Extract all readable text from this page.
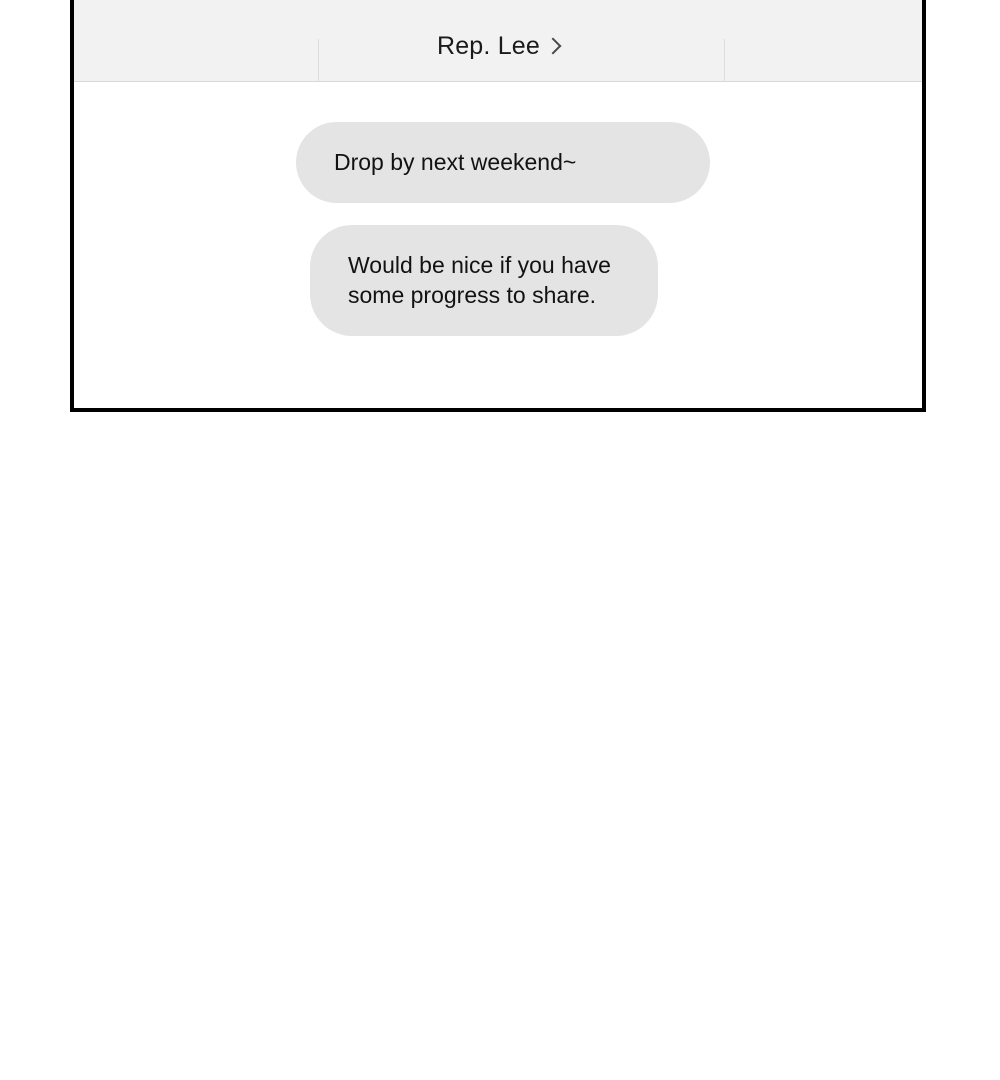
Rep. Lee
Drop by next weekend~
Would be nice if you have some progress to share.
